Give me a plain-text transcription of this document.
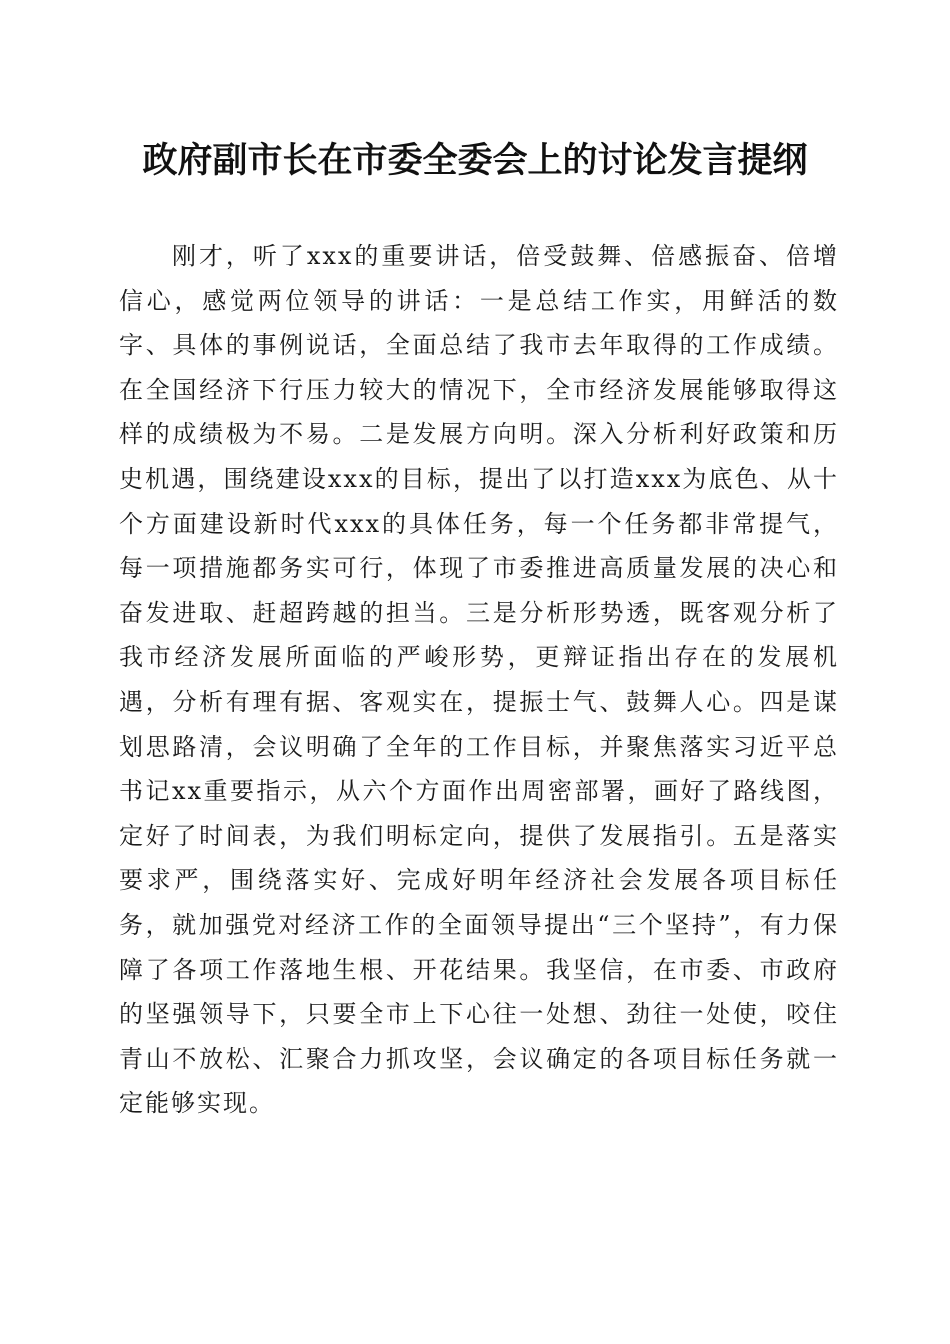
政府副市长在市委全委会上的讨论发言提纲

刚才，听了xxx的重要讲话，倍受鼓舞、倍感振奋、倍增信心，感觉两位领导的讲话：一是总结工作实，用鲜活的数字、具体的事例说话，全面总结了我市去年取得的工作成绩。在全国经济下行压力较大的情况下，全市经济发展能够取得这样的成绩极为不易。二是发展方向明。深入分析利好政策和历史机遇，围绕建设xxx的目标，提出了以打造xxx为底色、从十个方面建设新时代xxx的具体任务，每一个任务都非常提气，每一项措施都务实可行，体现了市委推进高质量发展的决心和奋发进取、赶超跨越的担当。三是分析形势透，既客观分析了我市经济发展所面临的严峻形势，更辩证指出存在的发展机遇，分析有理有据、客观实在，提振士气、鼓舞人心。四是谋划思路清，会议明确了全年的工作目标，并聚焦落实习近平总书记xx重要指示，从六个方面作出周密部署，画好了路线图，定好了时间表，为我们明标定向，提供了发展指引。五是落实要求严，围绕落实好、完成好明年经济社会发展各项目标任务，就加强党对经济工作的全面领导提出“三个坚持”，有力保障了各项工作落地生根、开花结果。我坚信，在市委、市政府的坚强领导下，只要全市上下心往一处想、劲往一处使，咬住青山不放松、汇聚合力抓攻坚，会议确定的各项目标任务就一定能够实现。
